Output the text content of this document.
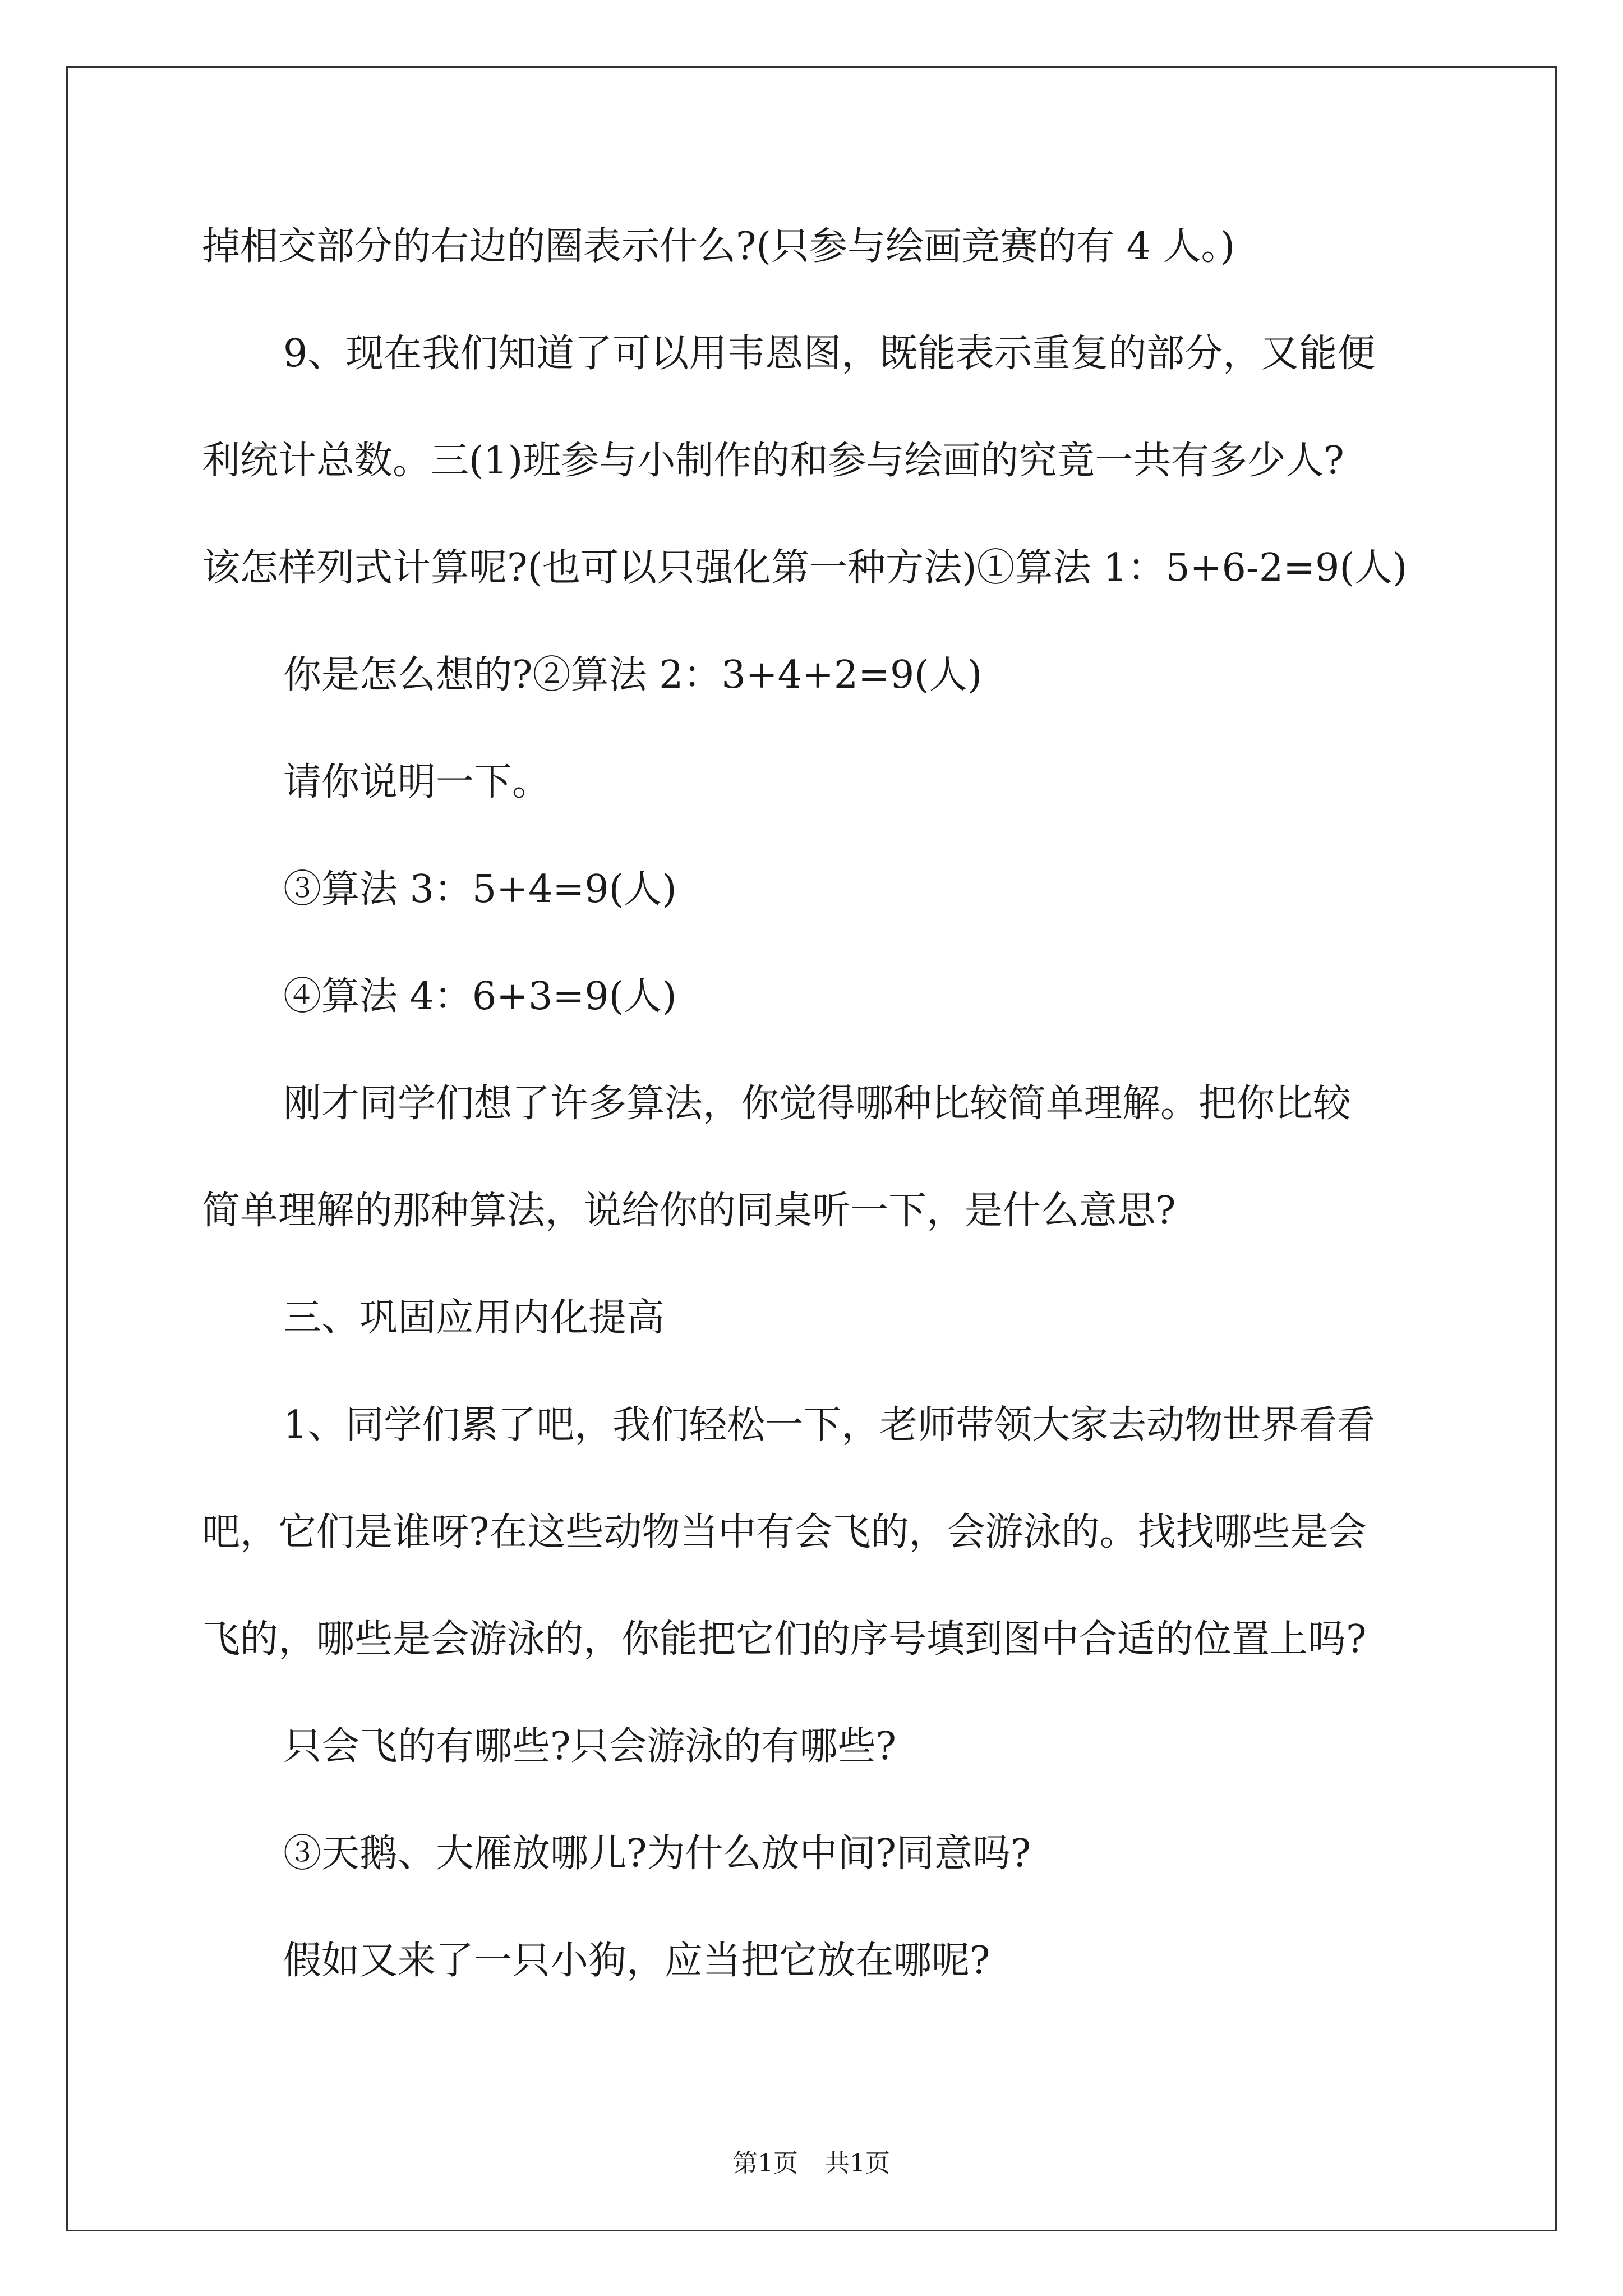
掉相交部分的右边的圈表示什么?(只参与绘画竞赛的有 4 人。)
9、现在我们知道了可以用韦恩图，既能表示重复的部分，又能便
利统计总数。三(1)班参与小制作的和参与绘画的究竟一共有多少人?
该怎样列式计算呢?(也可以只强化第一种方法)①算法 1：5+6-2=9(人)
你是怎么想的?②算法 2：3+4+2=9(人)
请你说明一下。
③算法 3：5+4=9(人)
④算法 4：6+3=9(人)
刚才同学们想了许多算法，你觉得哪种比较简单理解。把你比较
简单理解的那种算法，说给你的同桌听一下，是什么意思?
三、巩固应用内化提高
1、同学们累了吧，我们轻松一下，老师带领大家去动物世界看看
吧，它们是谁呀?在这些动物当中有会飞的，会游泳的。找找哪些是会
飞的，哪些是会游泳的，你能把它们的序号填到图中合适的位置上吗?
只会飞的有哪些?只会游泳的有哪些?
③天鹅、大雁放哪儿?为什么放中间?同意吗?
假如又来了一只小狗，应当把它放在哪呢?
第1页 共1页
